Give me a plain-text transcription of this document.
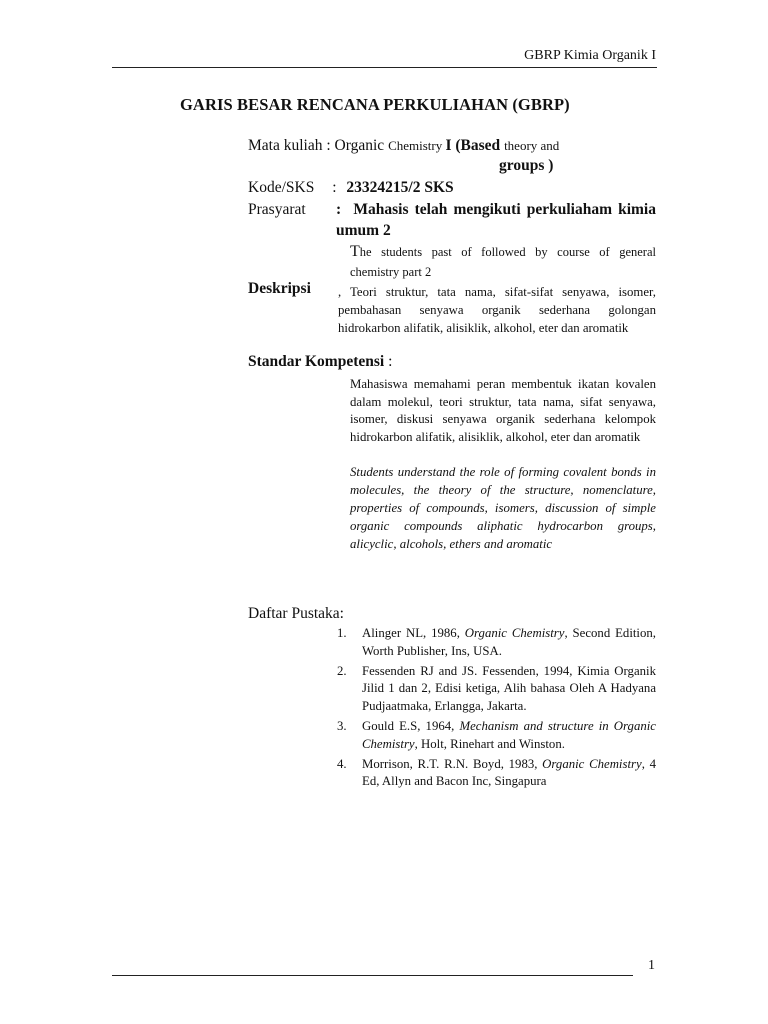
GBRP Kimia Organik I
GARIS BESAR RENCANA PERKULIAHAN (GBRP)
Mata kuliah : Organic Chemistry I (Based theory and
groups )
Kode/SKS : 23324215/2 SKS
Prasyarat : Mahasis telah mengikuti perkuliaham kimia umum 2
The students past of followed by course of general chemistry part 2
Deskripsi , Teori struktur, tata nama, sifat-sifat senyawa, isomer, pembahasan senyawa organik sederhana golongan hidrokarbon alifatik, alisiklik, alkohol, eter dan aromatik
Standar Kompetensi :
Mahasiswa memahami peran membentuk ikatan kovalen dalam molekul, teori struktur, tata nama, sifat senyawa, isomer, diskusi senyawa organik sederhana kelompok hidrokarbon alifatik, alisiklik, alkohol, eter dan aromatik
Students understand the role of forming covalent bonds in molecules, the theory of the structure, nomenclature, properties of compounds, isomers, discussion of simple organic compounds aliphatic hydrocarbon groups, alicyclic, alcohols, ethers and aromatic
Daftar Pustaka:
1. Alinger NL, 1986, Organic Chemistry, Second Edition, Worth Publisher, Ins, USA.
2. Fessenden RJ and JS. Fessenden, 1994, Kimia Organik Jilid 1 dan 2, Edisi ketiga, Alih bahasa Oleh A Hadyana Pudjaatmaka, Erlangga, Jakarta.
3. Gould E.S, 1964, Mechanism and structure in Organic Chemistry, Holt, Rinehart and Winston.
4. Morrison, R.T. R.N. Boyd, 1983, Organic Chemistry, 4 Ed, Allyn and Bacon Inc, Singapura
1
